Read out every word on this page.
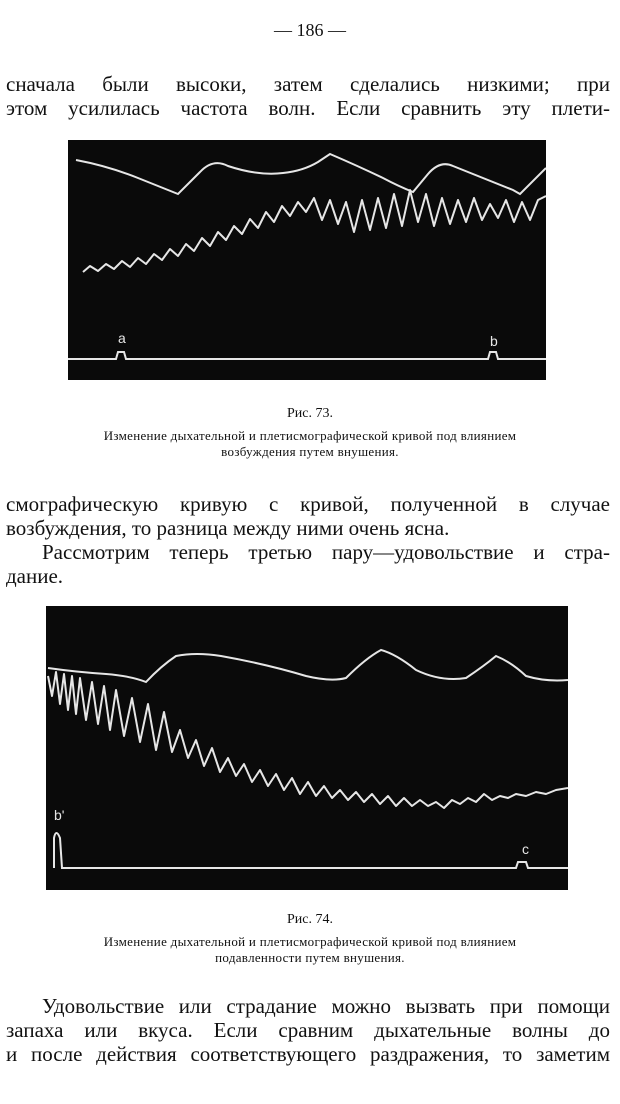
— 186 —

сначала были высоки, затем сделались низкими; при
этом усилилась частота волн. Если сравнить эту плети-

a	b
Рис. 73.
Изменение дыхательной и плетисмографической кривой под влиянием
возбуждения путем внушения.

смографическую кривую с кривой, полученной в случае
возбуждения, то разница между ними очень ясна.

Рассмотрим теперь третью пару—удовольствие и стра-
дание.

b'
c
Рис. 74.
Изменение дыхательной и плетисмографической кривой под влиянием
подавленности путем внушения.

Удовольствие или страдание можно вызвать при помощи
запаха или вкуса. Если сравним дыхательные волны до
и после действия соответствующего раздражения, то заметим
